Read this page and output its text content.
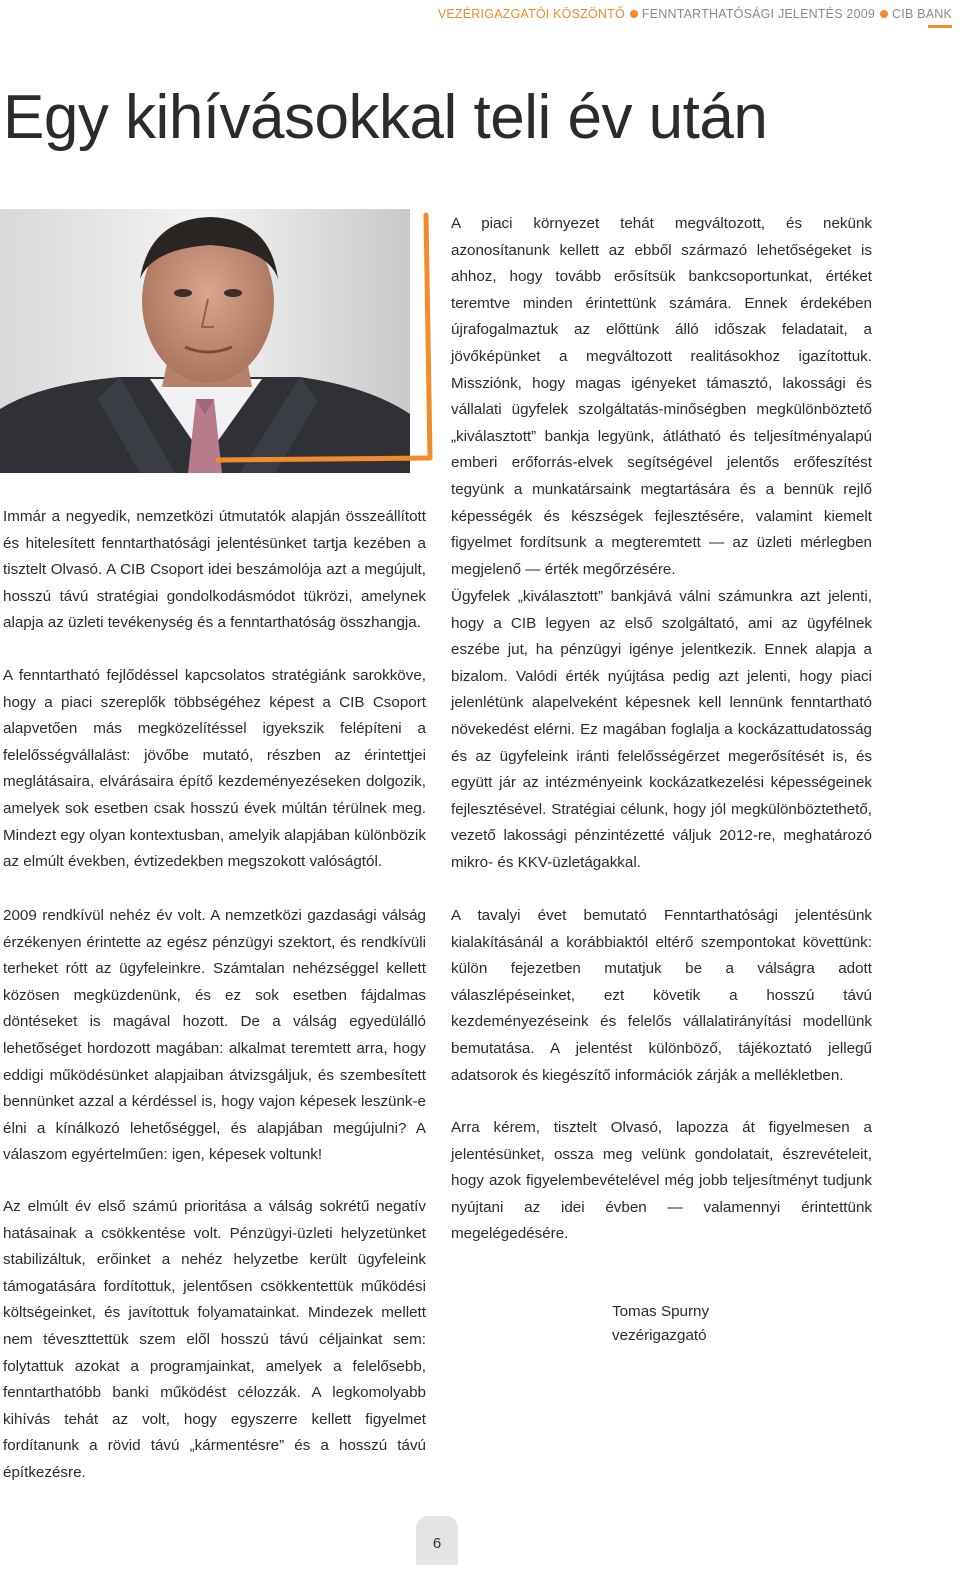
VEZÉRIGAZGATÓI KÖSZÖNTŐ FENNTARTHATÓSÁGI JELENTÉS 2009 CIB BANK
Egy kihívásokkal teli év után

Immár a negyedik, nemzetközi útmutatók alapján összeállított és hitelesített fenntarthatósági jelentésünket tartja kezében a tisztelt Olvasó. A CIB Csoport idei beszámolója azt a megújult, hosszú távú stratégiai gondolkodásmódot tükrözi, amelynek alapja az üzleti tevékenység és a fenntarthatóság összhangja.

A fenntartható fejlődéssel kapcsolatos stratégiánk sarokköve, hogy a piaci szereplők többségéhez képest a CIB Csoport alapvetően más megközelítéssel igyekszik felépíteni a felelősségvállalást: jövőbe mutató, részben az érintettjei meglátásaira, elvárásaira építő kezdeményezéseken dolgozik, amelyek sok esetben csak hosszú évek múltán térülnek meg. Mindezt egy olyan kontextusban, amelyik alapjában különbözik az elmúlt években, évtizedekben megszokott valóságtól.

2009 rendkívül nehéz év volt. A nemzetközi gazdasági válság érzékenyen érintette az egész pénzügyi szektort, és rendkívüli terheket rótt az ügyfeleinkre. Számtalan nehézséggel kellett közösen megküzdenünk, és ez sok esetben fájdalmas döntéseket is magával hozott. De a válság egyedülálló lehetőséget hordozott magában: alkalmat teremtett arra, hogy eddigi működésünket alapjaiban átvizsgáljuk, és szembesített bennünket azzal a kérdéssel is, hogy vajon képesek leszünk-e élni a kínálkozó lehetőséggel, és alapjában megújulni? A válaszom egyértelműen: igen, képesek voltunk!

Az elmúlt év első számú prioritása a válság sokrétű negatív hatásainak a csökkentése volt. Pénzügyi-üzleti helyzetünket stabilizáltuk, erőinket a nehéz helyzetbe került ügyfeleink támogatására fordítottuk, jelentősen csökkentettük működési költségeinket, és javítottuk folyamatainkat. Mindezek mellett nem téveszttettük szem elől hosszú távú céljainkat sem: folytattuk azokat a programjainkat, amelyek a felelősebb, fenntarthatóbb banki működést célozzák. A legkomolyabb kihívás tehát az volt, hogy egyszerre kellett figyelmet fordítanunk a rövid távú „kármentésre” és a hosszú távú építkezésre.

A piaci környezet tehát megváltozott, és nekünk azonosítanunk kellett az ebből származó lehetőségeket is ahhoz, hogy tovább erősítsük bankcsoportunkat, értéket teremtve minden érintettünk számára. Ennek érdekében újrafogalmaztuk az előttünk álló időszak feladatait, a jövőképünket a megváltozott realitásokhoz igazítottuk. Missziónk, hogy magas igényeket támasztó, lakossági és vállalati ügyfelek szolgáltatás-minőségben megkülönböztető „kiválasztott” bankja legyünk, átlátható és teljesítményalapú emberi erőforrás-elvek segítségével jelentős erőfeszítést tegyünk a munkatársaink megtartására és a bennük rejlő képességék és készségek fejlesztésére, valamint kiemelt figyelmet fordítsunk a megteremtett — az üzleti mérlegben megjelenő — érték megőrzésére.

Ügyfelek „kiválasztott” bankjává válni számunkra azt jelenti, hogy a CIB legyen az első szolgáltató, ami az ügyfélnek eszébe jut, ha pénzügyi igénye jelentkezik. Ennek alapja a bizalom. Valódi érték nyújtása pedig azt jelenti, hogy piaci jelenlétünk alapelveként képesnek kell lennünk fenntartható növekedést elérni. Ez magában foglalja a kockázattudatosság és az ügyfeleink iránti felelősségérzet megerősítését is, és együtt jár az intézményeink kockázatkezelési képességeinek fejlesztésével. Stratégiai célunk, hogy jól megkülönböztethető, vezető lakossági pénzintézetté váljuk 2012-re, meghatározó mikro- és KKV-üzletágakkal.

A tavalyi évet bemutató Fenntarthatósági jelentésünk kialakításánál a korábbiaktól eltérő szempontokat követtünk: külön fejezetben mutatjuk be a válságra adott válaszlépéseinket, ezt követik a hosszú távú kezdeményezéseink és felelős vállalatirányítási modellünk bemutatása. A jelentést különböző, tájékoztató jellegű adatsorok és kiegészítő információk zárják a mellékletben.

Arra kérem, tisztelt Olvasó, lapozza át figyelmesen a jelentésünket, ossza meg velünk gondolatait, észrevételeit, hogy azok figyelembevételével még jobb teljesítményt tudjunk nyújtani az idei évben — valamennyi érintettünk megelégedésére.

Tomas Spurny
vezérigazgató
6
